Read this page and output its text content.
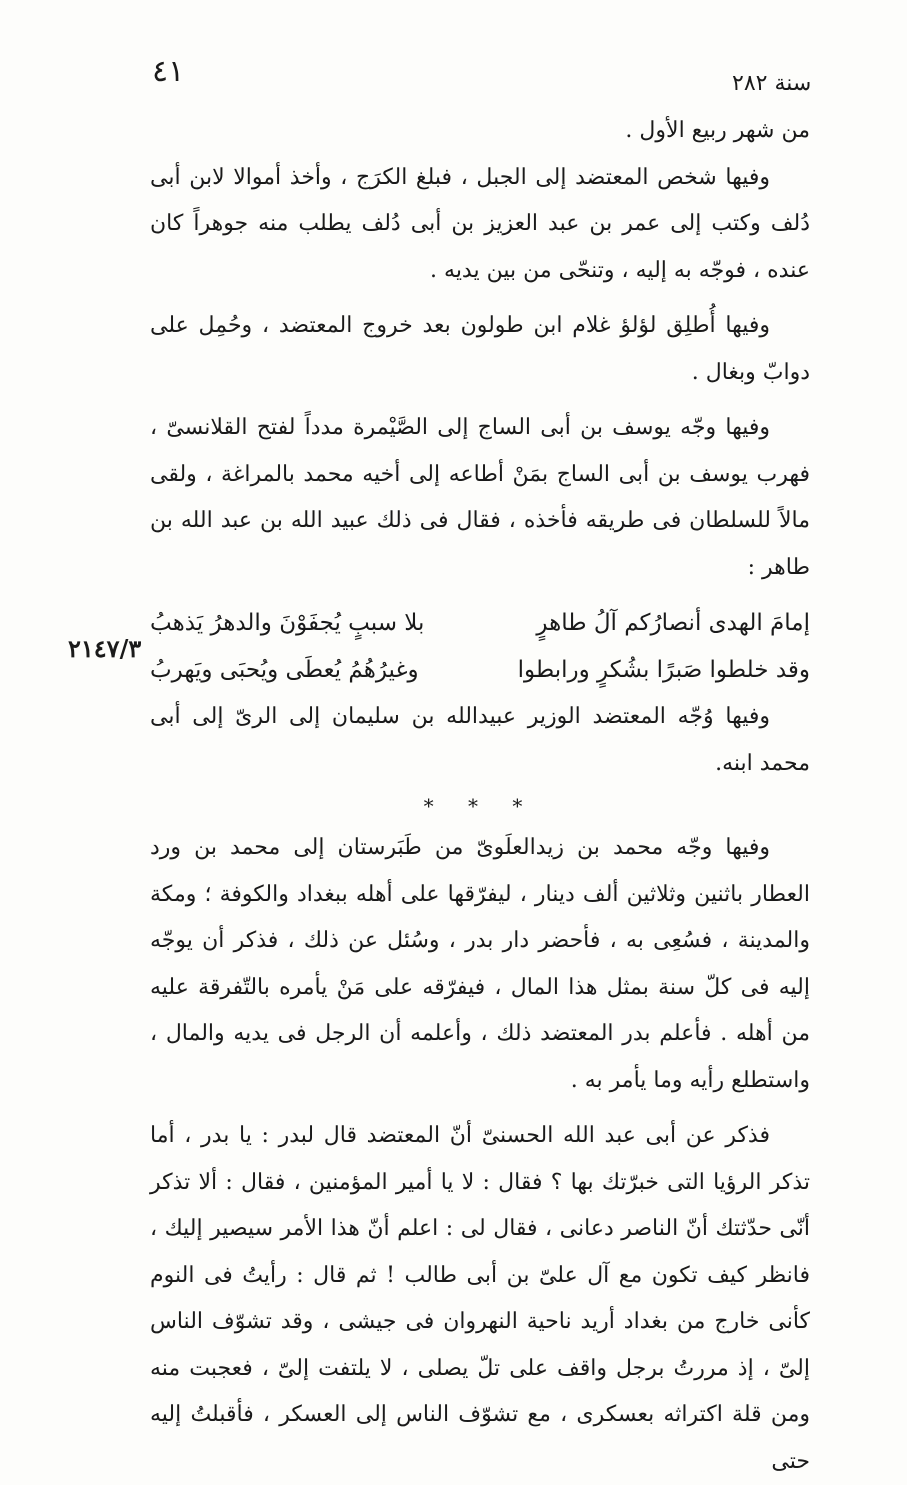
٤١	سنة ٢٨٢
٢١٤٧/٣

من شهر ربيع الأول .

وفيها شخص المعتضد إلى الجبل ، فبلغ الكرَج ، وأخذ أموالا لابن أبى دُلف وكتب إلى عمر بن عبد العزيز بن أبى دُلف يطلب منه جوهراً كان عنده ، فوجّه به إليه ، وتنحّى من بين يديه .

وفيها أُطلِق لؤلؤ غلام ابن طولون بعد خروج المعتضد ، وحُمِل على دوابّ وبغال .

وفيها وجّه يوسف بن أبى الساج إلى الصَّيْمرة مدداً لفتح القلانسىّ ، فهرب يوسف بن أبى الساج بمَنْ أطاعه إلى أخيه محمد بالمراغة ، ولقى مالاً للسلطان فى طريقه فأخذه ، فقال فى ذلك عبيد الله بن عبد الله بن طاهر :

إمامَ الهدى أنصارُكم آلُ طاهرٍ
بلا سببٍ يُجفَوْنَ والدهرُ يَذهبُ
وقد خلطوا صَبرًا بشُكرٍ ورابطوا
وغيرُهُمُ يُعطَى ويُحبَى ويَهربُ

وفيها وُجّه المعتضد الوزير عبيدالله بن سليمان إلى الرىّ إلى أبى محمد ابنه.

* * *

وفيها وجّه محمد بن زيدالعلَوىّ من طَبَرستان إلى محمد بن ورد العطار باثنين وثلاثين ألف دينار ، ليفرّقها على أهله ببغداد والكوفة ؛ ومكة والمدينة ، فسُعِى به ، فأحضر دار بدر ، وسُئل عن ذلك ، فذكر أن يوجّه إليه فى كلّ سنة بمثل هذا المال ، فيفرّقه على مَنْ يأمره بالتّفرقة عليه من أهله . فأعلم بدر المعتضد ذلك ، وأعلمه أن الرجل فى يديه والمال ، واستطلع رأيه وما يأمر به .

فذكر عن أبى عبد الله الحسنىّ أنّ المعتضد قال لبدر : يا بدر ، أما تذكر الرؤيا التى خبرّتك بها ؟ فقال : لا يا أمير المؤمنين ، فقال : ألا تذكر أنّى حدّثتك أنّ الناصر دعانى ، فقال لى : اعلم أنّ هذا الأمر سيصير إليك ، فانظر كيف تكون مع آل علىّ بن أبى طالب ! ثم قال : رأيتُ فى النوم كأنى خارج من بغداد أريد ناحية النهروان فى جيشى ، وقد تشوّف الناس إلىّ ، إذ مررتُ برجل واقف على تلّ يصلى ، لا يلتفت إلىّ ، فعجبت منه ومن قلة اكتراثه بعسكرى ، مع تشوّف الناس إلى العسكر ، فأقبلتُ إليه حتى
